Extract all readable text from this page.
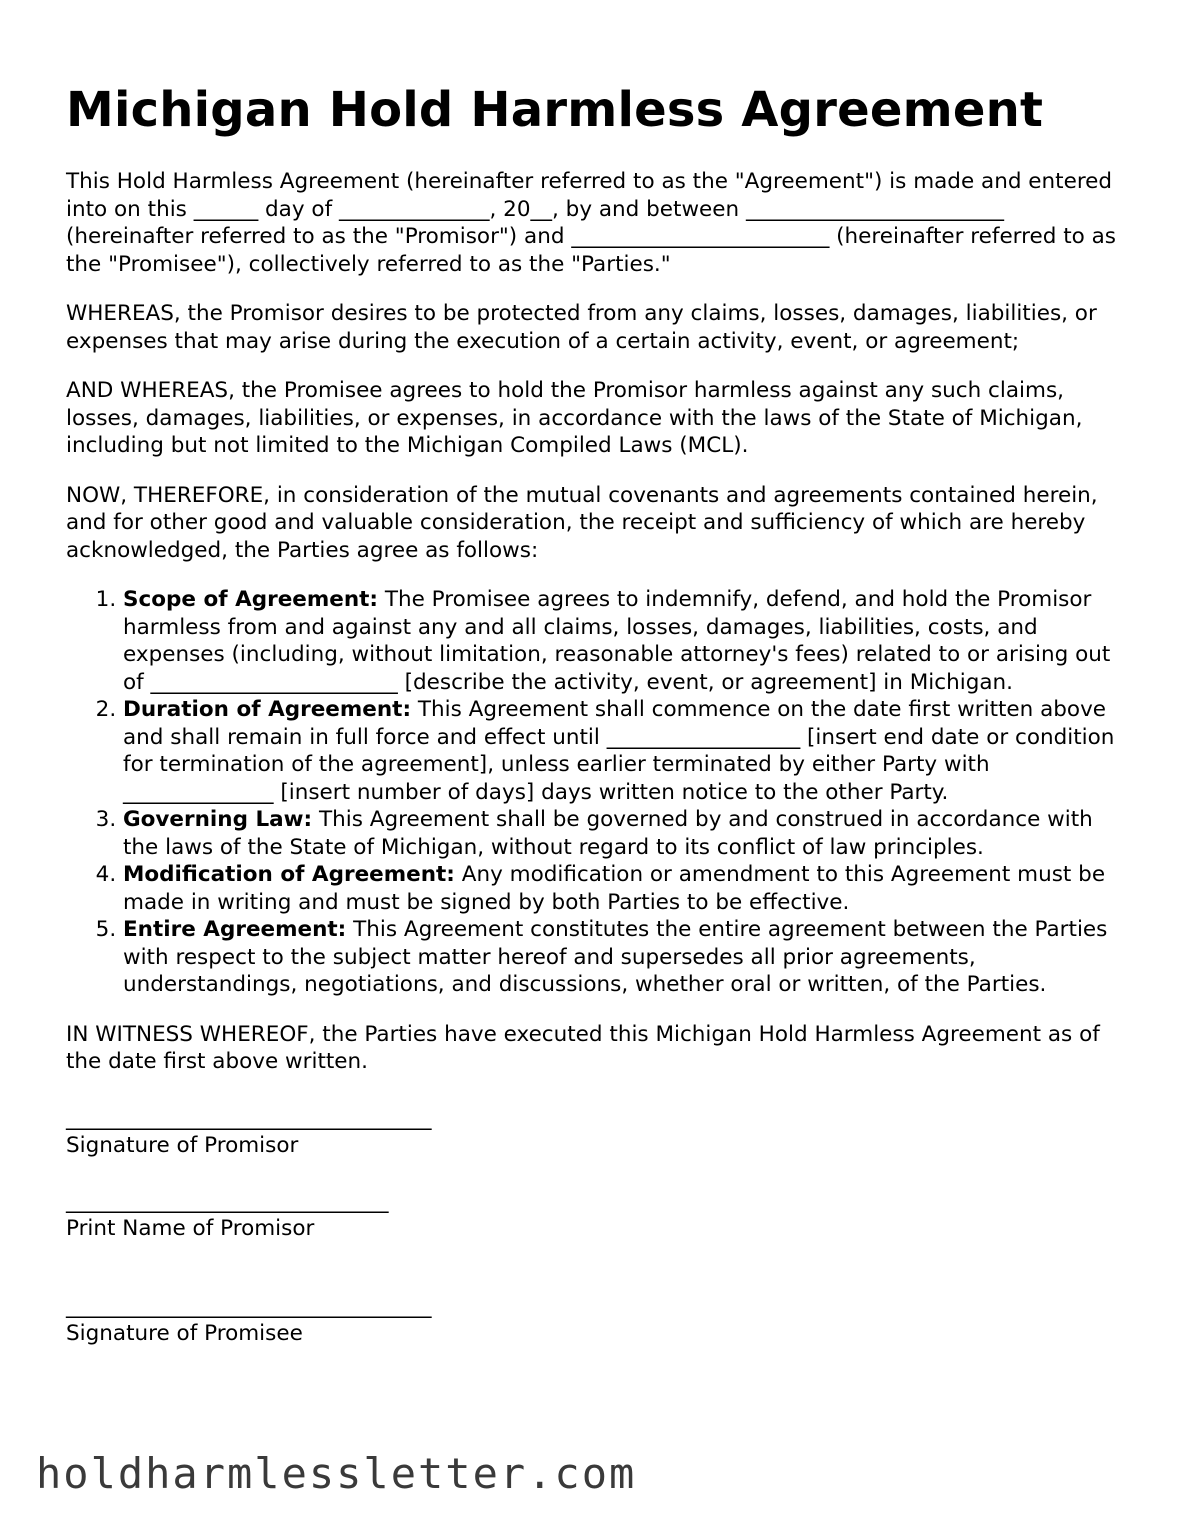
Michigan Hold Harmless Agreement

This Hold Harmless Agreement (hereinafter referred to as the "Agreement") is made and entered into on this ______ day of ______________, 20__, by and between ________________________ (hereinafter referred to as the "Promisor") and ________________________ (hereinafter referred to as the "Promisee"), collectively referred to as the "Parties."

WHEREAS, the Promisor desires to be protected from any claims, losses, damages, liabilities, or expenses that may arise during the execution of a certain activity, event, or agreement;

AND WHEREAS, the Promisee agrees to hold the Promisor harmless against any such claims, losses, damages, liabilities, or expenses, in accordance with the laws of the State of Michigan, including but not limited to the Michigan Compiled Laws (MCL).

NOW, THEREFORE, in consideration of the mutual covenants and agreements contained herein, and for other good and valuable consideration, the receipt and sufficiency of which are hereby acknowledged, the Parties agree as follows:

1. Scope of Agreement: The Promisee agrees to indemnify, defend, and hold the Promisor harmless from and against any and all claims, losses, damages, liabilities, costs, and expenses (including, without limitation, reasonable attorney's fees) related to or arising out of _______________________ [describe the activity, event, or agreement] in Michigan.
2. Duration of Agreement: This Agreement shall commence on the date first written above and shall remain in full force and effect until __________________ [insert end date or condition for termination of the agreement], unless earlier terminated by either Party with ______________ [insert number of days] days written notice to the other Party.
3. Governing Law: This Agreement shall be governed by and construed in accordance with the laws of the State of Michigan, without regard to its conflict of law principles.
4. Modification of Agreement: Any modification or amendment to this Agreement must be made in writing and must be signed by both Parties to be effective.
5. Entire Agreement: This Agreement constitutes the entire agreement between the Parties with respect to the subject matter hereof and supersedes all prior agreements, understandings, negotiations, and discussions, whether oral or written, of the Parties.

IN WITNESS WHEREOF, the Parties have executed this Michigan Hold Harmless Agreement as of the date first above written.

__________________________________
Signature of Promisor
______________________________
Print Name of Promisor
__________________________________
Signature of Promisee
holdharmlessletter.com
